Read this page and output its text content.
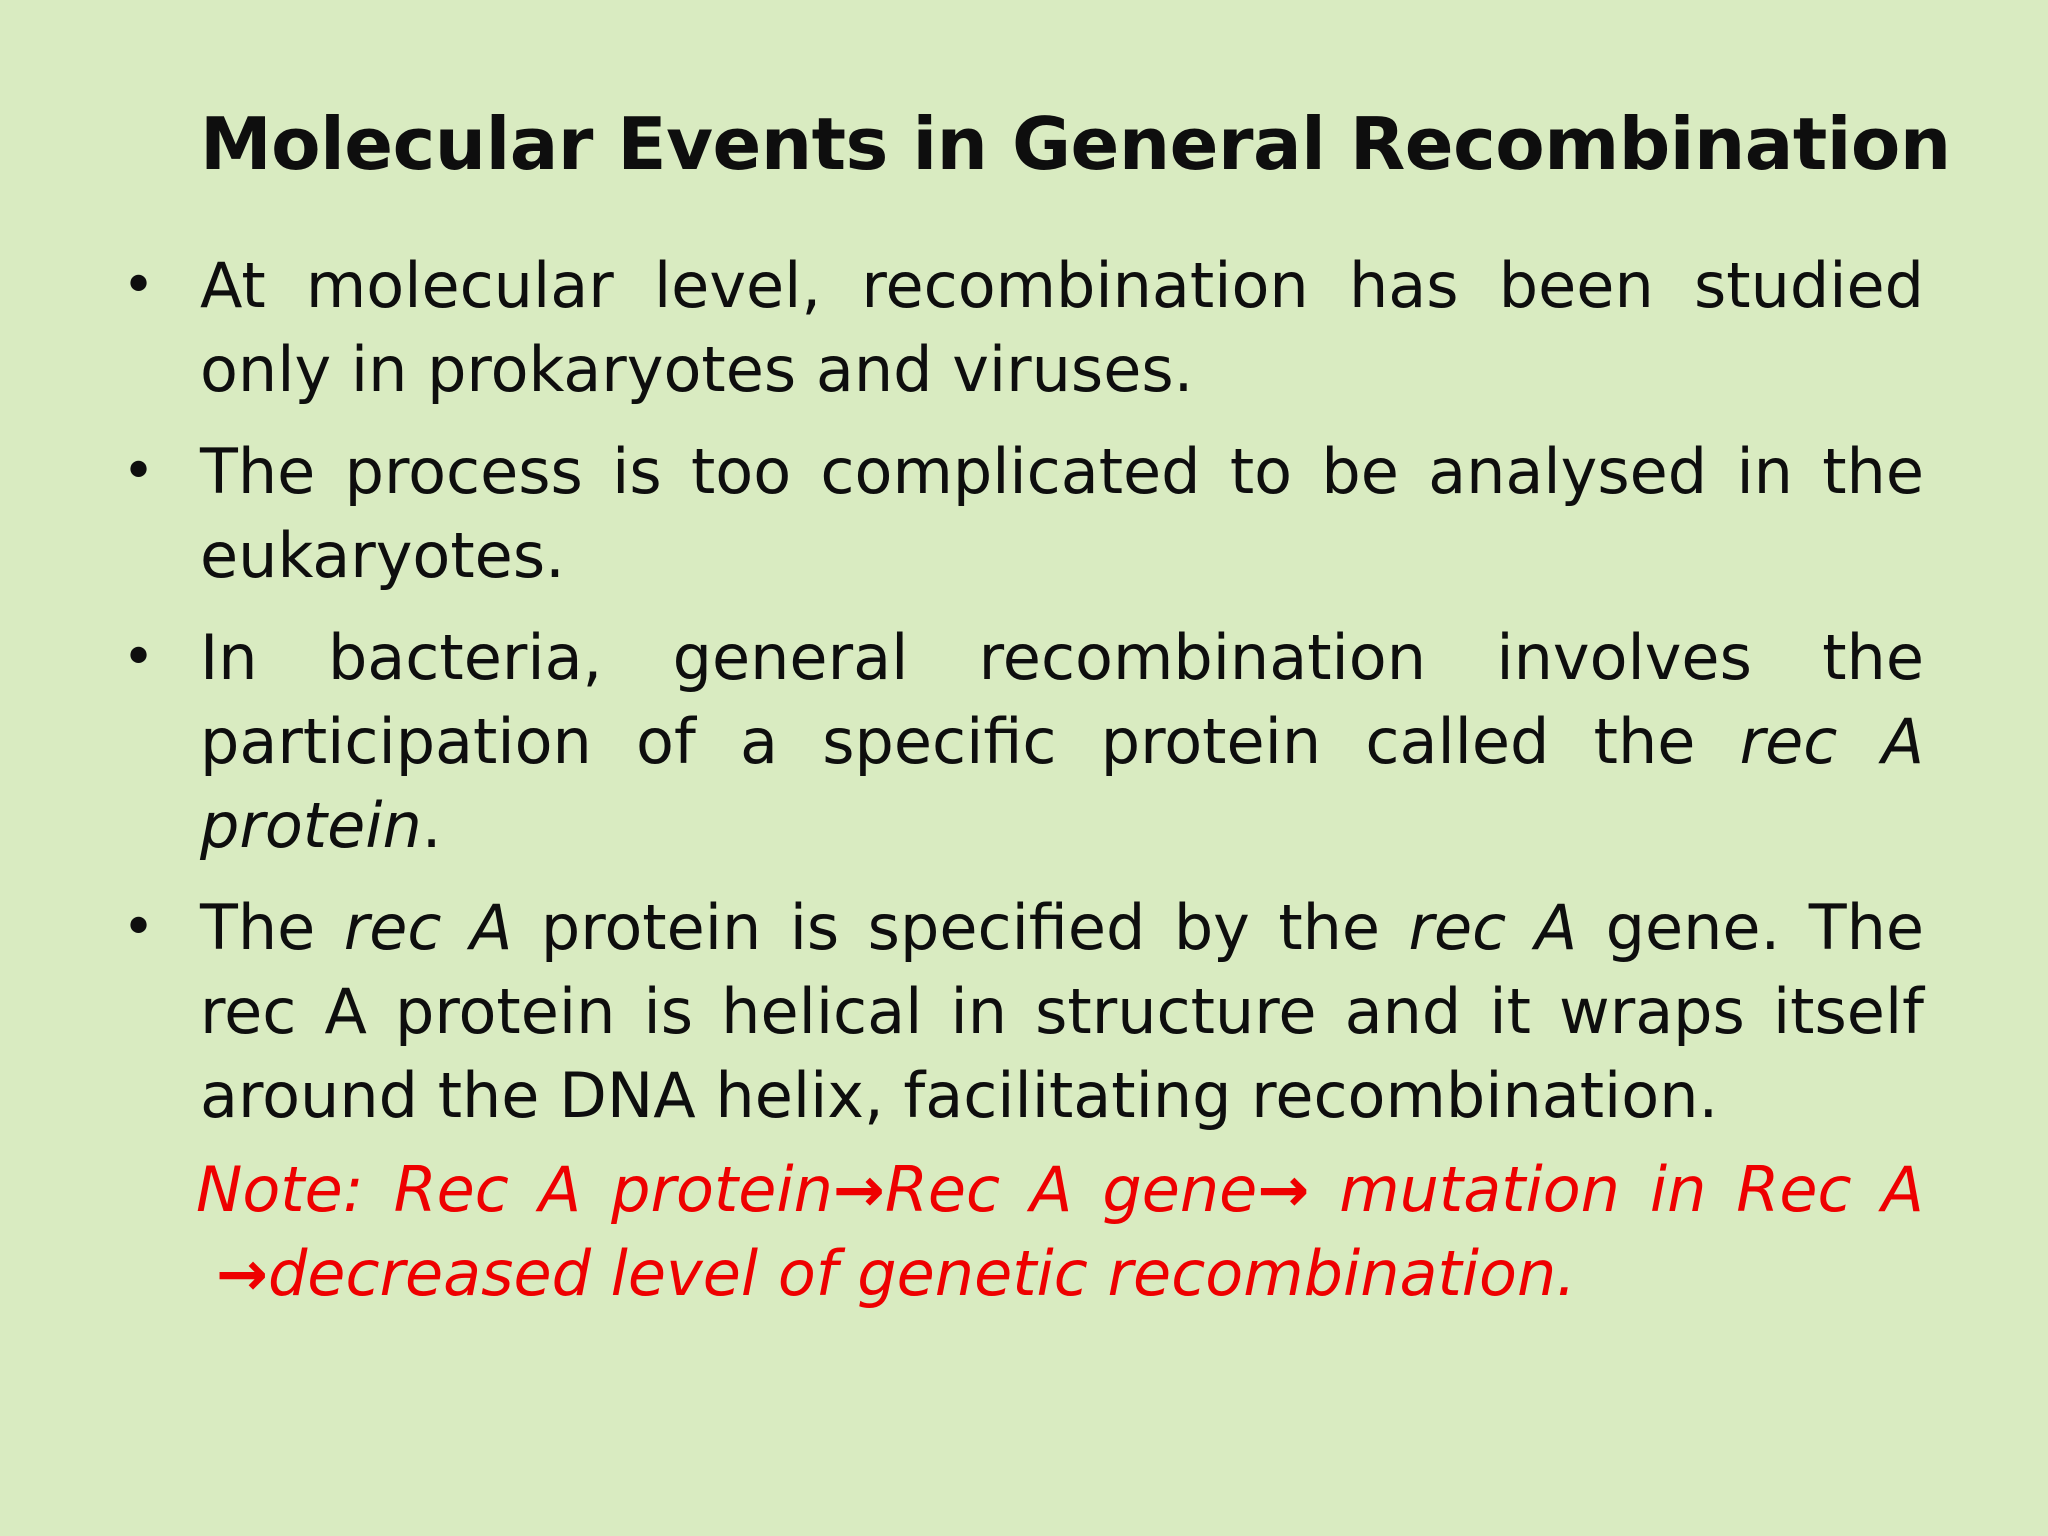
Molecular Events in General Recombination
• At molecular level, recombination has been studied only in prokaryotes and viruses.
• The process is too complicated to be analysed in the eukaryotes.
• In bacteria, general recombination involves the participation of a specific protein called the rec A protein.
• The rec A protein is specified by the rec A gene. The rec A protein is helical in structure and it wraps itself around the DNA helix, facilitating recombination.
Note: Rec A protein→Rec A gene→ mutation in Rec A
→decreased level of genetic recombination.
